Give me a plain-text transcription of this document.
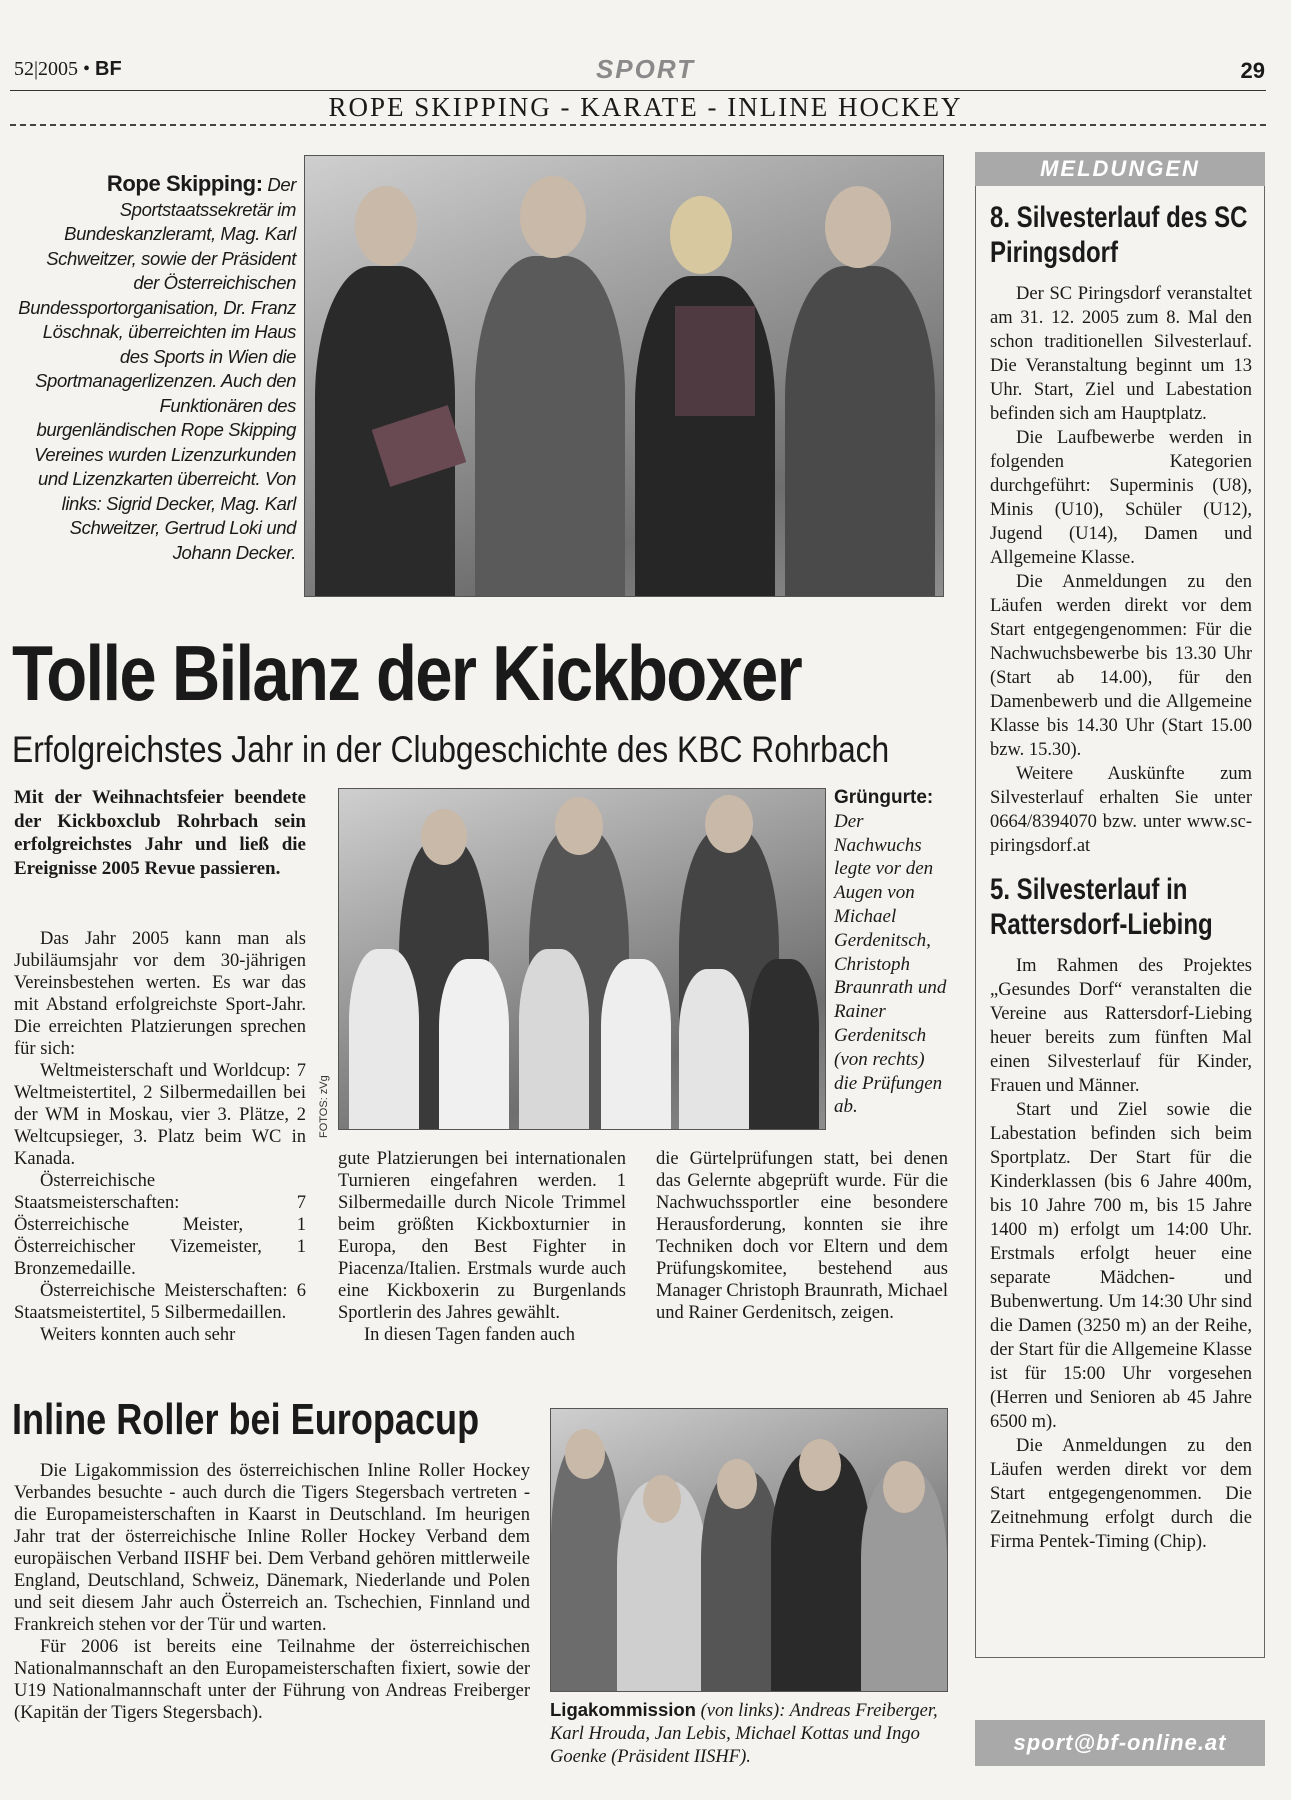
52|2005 • BF	SPORT	29
ROPE SKIPPING - KARATE - INLINE HOCKEY
Rope Skipping: Der Sportstaatssekretär im Bundeskanzleramt, Mag. Karl Schweitzer, sowie der Präsident der Österreichischen Bundessportorganisation, Dr. Franz Löschnak, überreichten im Haus des Sports in Wien die Sportmanagerlizenzen. Auch den Funktionären des burgenländischen Rope Skipping Vereines wurden Lizenzurkunden und Lizenzkarten überreicht. Von links: Sigrid Decker, Mag. Karl Schweitzer, Gertrud Loki und Johann Decker.
Tolle Bilanz der Kickboxer
Erfolgreichstes Jahr in der Clubgeschichte des KBC Rohrbach
Mit der Weihnachtsfeier beendete der Kickboxclub Rohrbach sein erfolgreichstes Jahr und ließ die Ereignisse 2005 Revue passieren.

Das Jahr 2005 kann man als Jubiläumsjahr vor dem 30-jährigen Vereinsbestehen werten. Es war das mit Abstand erfolgreichste Sport-Jahr. Die erreichten Platzierungen sprechen für sich:

Weltmeisterschaft und Worldcup: 7 Weltmeistertitel, 2 Silbermedaillen bei der WM in Moskau, vier 3. Plätze, 2 Weltcupsieger, 3. Platz beim WC in Kanada.

Österreichische Staatsmeisterschaften: 7 Österreichische Meister, 1 Österreichischer Vizemeister, 1 Bronzemedaille.

Österreichische Meisterschaften: 6 Staatsmeistertitel, 5 Silbermedaillen.

Weiters konnten auch sehr

FOTOS: zVg
Grüngurte: Der Nachwuchs legte vor den Augen von Michael Gerdenitsch, Christoph Braunrath und Rainer Gerdenitsch (von rechts) die Prüfungen ab.

gute Platzierungen bei internationalen Turnieren eingefahren werden. 1 Silbermedaille durch Nicole Trimmel beim größten Kickboxturnier in Europa, den Best Fighter in Piacenza/Italien. Erstmals wurde auch eine Kickboxerin zu Burgenlands Sportlerin des Jahres gewählt.

In diesen Tagen fanden auch

die Gürtelprüfungen statt, bei denen das Gelernte abgeprüft wurde. Für die Nachwuchssportler eine besondere Herausforderung, konnten sie ihre Techniken doch vor Eltern und dem Prüfungskomitee, bestehend aus Manager Christoph Braunrath, Michael und Rainer Gerdenitsch, zeigen.

Inline Roller bei Europacup

Die Ligakommission des österreichischen Inline Roller Hockey Verbandes besuchte - auch durch die Tigers Stegersbach vertreten - die Europameisterschaften in Kaarst in Deutschland. Im heurigen Jahr trat der österreichische Inline Roller Hockey Verband dem europäischen Verband IISHF bei. Dem Verband gehören mittlerweile England, Deutschland, Schweiz, Dänemark, Niederlande und Polen und seit diesem Jahr auch Österreich an. Tschechien, Finnland und Frankreich stehen vor der Tür und warten.

Für 2006 ist bereits eine Teilnahme der österreichischen Nationalmannschaft an den Europameisterschaften fixiert, sowie der U19 Nationalmannschaft unter der Führung von Andreas Freiberger (Kapitän der Tigers Stegersbach).	Ligakommission (von links): Andreas Freiberger, Karl Hrouda, Jan Lebis, Michael Kottas und Ingo Goenke (Präsident IISHF).
MELDUNGEN
8. Silvesterlauf des SC Piringsdorf

Der SC Piringsdorf veranstaltet am 31. 12. 2005 zum 8. Mal den schon traditionellen Silvesterlauf. Die Veranstaltung beginnt um 13 Uhr. Start, Ziel und Labestation befinden sich am Hauptplatz.

Die Laufbewerbe werden in folgenden Kategorien durchgeführt: Superminis (U8), Minis (U10), Schüler (U12), Jugend (U14), Damen und Allgemeine Klasse.

Die Anmeldungen zu den Läufen werden direkt vor dem Start entgegengenommen: Für die Nachwuchsbewerbe bis 13.30 Uhr (Start ab 14.00), für den Damenbewerb und die Allgemeine Klasse bis 14.30 Uhr (Start 15.00 bzw. 15.30).

Weitere Auskünfte zum Silvesterlauf erhalten Sie unter 0664/8394070 bzw. unter www.sc-piringsdorf.at

5. Silvesterlauf in Rattersdorf-Liebing

Im Rahmen des Projektes „Gesundes Dorf“ veranstalten die Vereine aus Rattersdorf-Liebing heuer bereits zum fünften Mal einen Silvesterlauf für Kinder, Frauen und Männer.

Start und Ziel sowie die Labestation befinden sich beim Sportplatz. Der Start für die Kinderklassen (bis 6 Jahre 400m, bis 10 Jahre 700 m, bis 15 Jahre 1400 m) erfolgt um 14:00 Uhr. Erstmals erfolgt heuer eine separate Mädchen- und Bubenwertung. Um 14:30 Uhr sind die Damen (3250 m) an der Reihe, der Start für die Allgemeine Klasse ist für 15:00 Uhr vorgesehen (Herren und Senioren ab 45 Jahre 6500 m).

Die Anmeldungen zu den Läufen werden direkt vor dem Start entgegengenommen. Die Zeitnehmung erfolgt durch die Firma Pentek-Timing (Chip).

sport@bf-online.at
